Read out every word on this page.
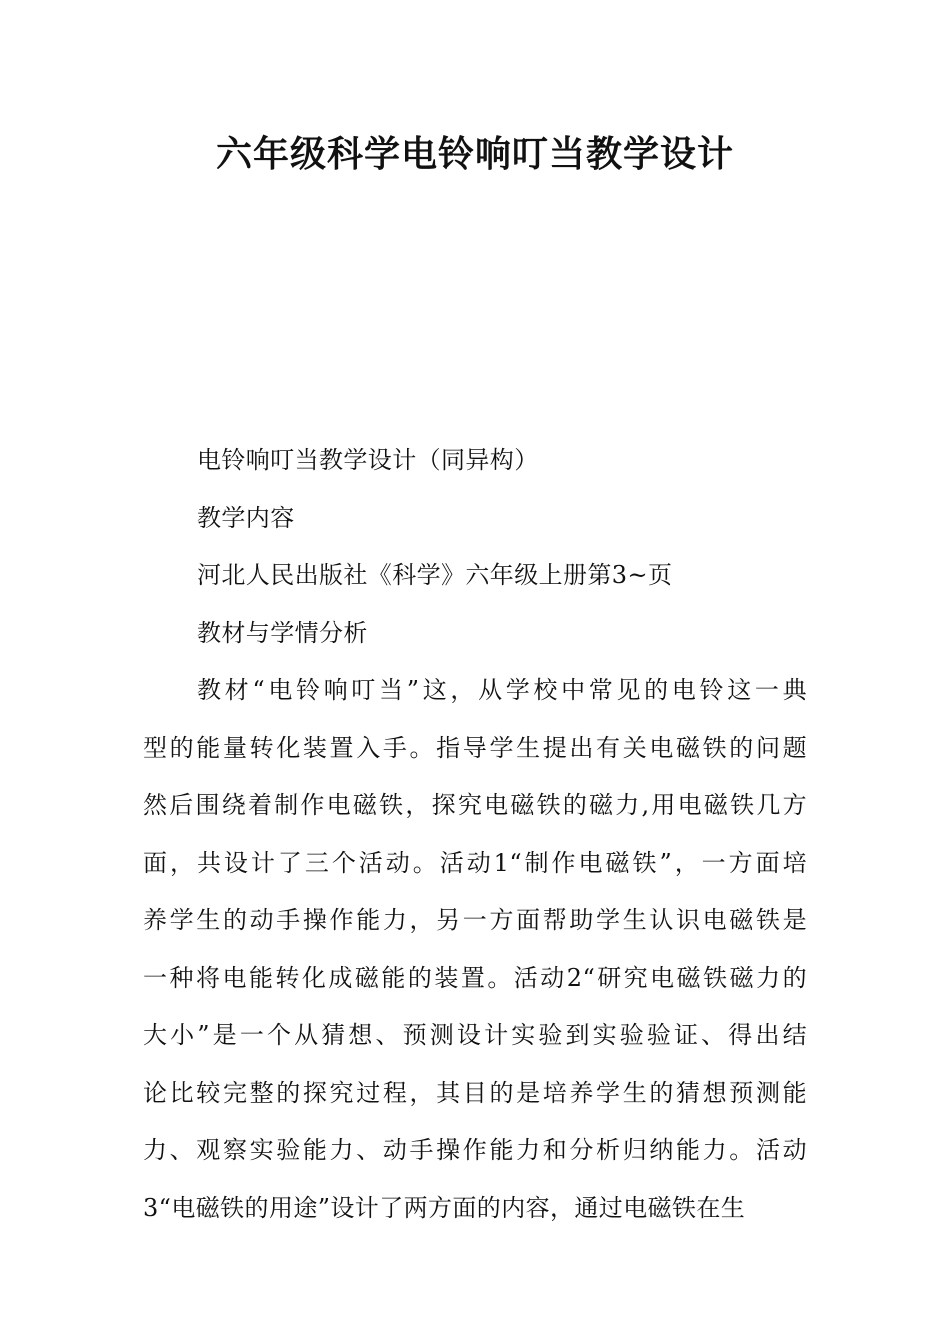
六年级科学电铃响叮当教学设计

电铃响叮当教学设计（同异构）

教学内容

河北人民出版社《科学》六年级上册第3~页

教材与学情分析

教材“电铃响叮当”这，从学校中常见的电铃这一典

型的能量转化装置入手。指导学生提出有关电磁铁的问题

然后围绕着制作电磁铁，探究电磁铁的磁力,用电磁铁几方

面，共设计了三个活动。活动1“制作电磁铁”，一方面培

养学生的动手操作能力，另一方面帮助学生认识电磁铁是

一种将电能转化成磁能的装置。活动2“研究电磁铁磁力的

大小”是一个从猜想、预测设计实验到实验验证、得出结

论比较完整的探究过程，其目的是培养学生的猜想预测能

力、观察实验能力、动手操作能力和分析归纳能力。活动

3“电磁铁的用途”设计了两方面的内容，通过电磁铁在生
